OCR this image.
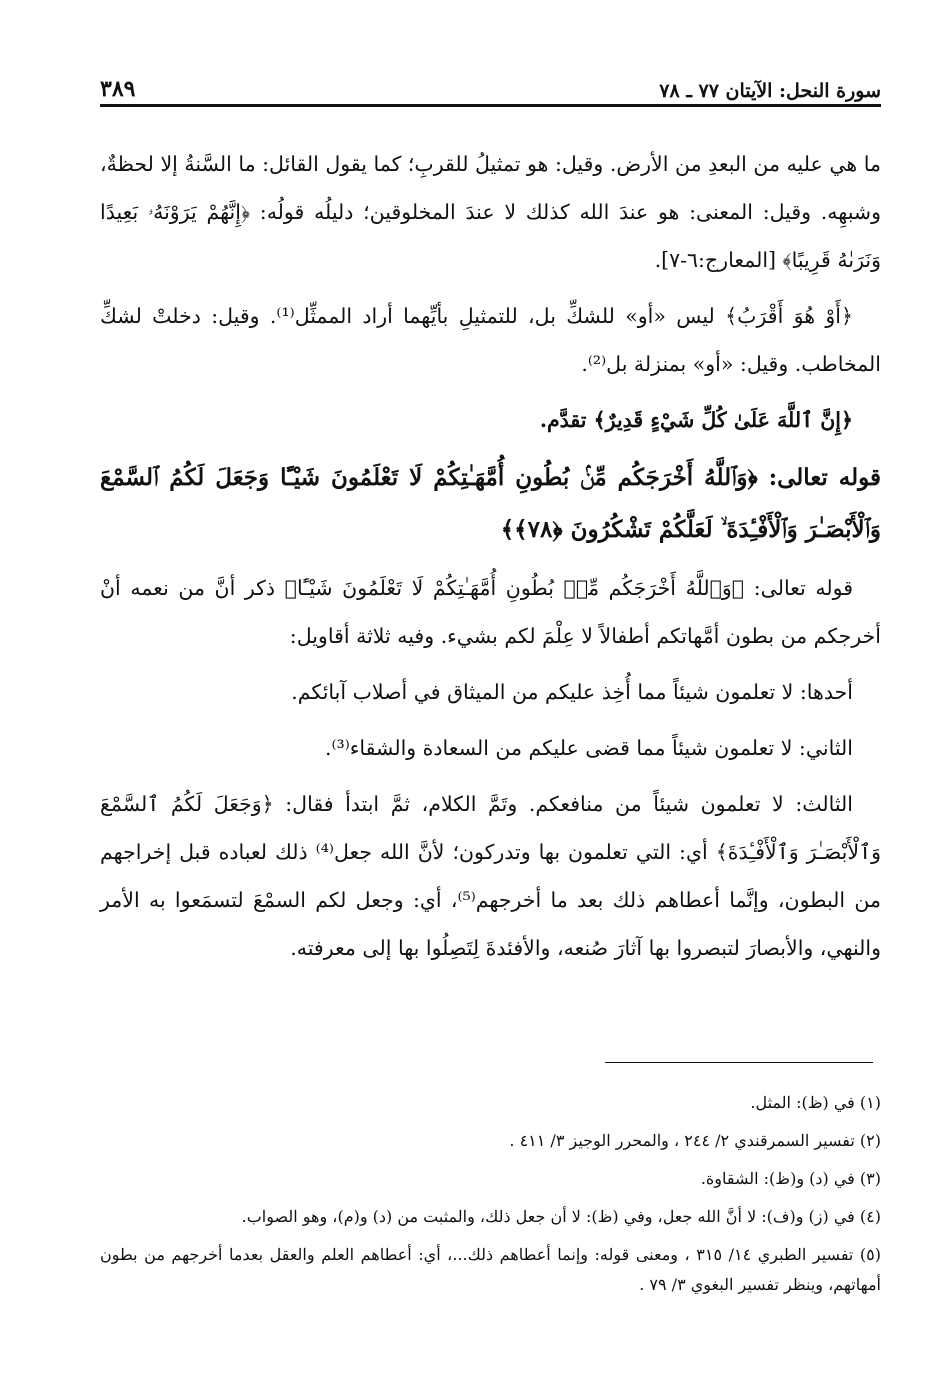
سورة النحل: الآيتان ٧٧ ـ ٧٨
٣٨٩

ما هي عليه من البعدِ من الأرض. وقيل: هو تمثيلُ للقربِ؛ كما يقول القائل: ما السَّنةُ إلا لحظةٌ، وشبهِه. وقيل: المعنى: هو عندَ الله كذلك لا عندَ المخلوقين؛ دليلُه قولُه: ﴿إِنَّهُمْ يَرَوْنَهُۥ بَعِيدًا وَنَرَىٰهُ قَرِيبًا﴾ [المعارج:٦-٧].

﴿أَوْ هُوَ أَقْرَبُ﴾ ليس «أو» للشكِّ بل، للتمثيلِ بأيِّهما أراد الممثِّل⁽¹⁾. وقيل: دخلتْ لشكِّ المخاطب. وقيل: «أو» بمنزلة بل⁽²⁾.

﴿إِنَّ ٱللَّهَ عَلَىٰ كُلِّ شَيْءٍ قَدِيرٌ﴾ تقدَّم.

قوله تعالى: ﴿وَٱللَّهُ أَخْرَجَكُم مِّنۢ بُطُونِ أُمَّهَـٰتِكُمْ لَا تَعْلَمُونَ شَيْـًٔا وَجَعَلَ لَكُمُ ٱلسَّمْعَ وَٱلْأَبْصَـٰرَ وَٱلْأَفْـِٔدَةَ ۙ لَعَلَّكُمْ تَشْكُرُونَ ﴿٧٨﴾﴾

قوله تعالى: ﴿وَٱللَّهُ أَخْرَجَكُم مِّنۢ بُطُونِ أُمَّهَـٰتِكُمْ لَا تَعْلَمُونَ شَيْـًٔا﴾ ذكر أنَّ من نعمه أنْ أخرجكم من بطون أمَّهاتكم أطفالاً لا عِلْمَ لكم بشيء. وفيه ثلاثة أقاويل:

أحدها: لا تعلمون شيئاً مما أُخِذ عليكم من الميثاق في أصلاب آبائكم.

الثاني: لا تعلمون شيئاً مما قضى عليكم من السعادة والشقاء⁽³⁾.

الثالث: لا تعلمون شيئاً من منافعكم. وتَمَّ الكلام، ثمَّ ابتدأ فقال: ﴿وَجَعَلَ لَكُمُ ٱلسَّمْعَ وَٱلْأَبْصَـٰرَ وَٱلْأَفْـِٔدَةَ﴾ أي: التي تعلمون بها وتدركون؛ لأنَّ الله جعل⁽⁴⁾ ذلك لعباده قبل إخراجهم من البطون، وإنَّما أعطاهم ذلك بعد ما أخرجهم⁽⁵⁾، أي: وجعل لكم السمْعَ لتسمَعوا به الأمر والنهي، والأبصارَ لتبصروا بها آثارَ صُنعه، والأفئدةَ لِتَصِلُوا بها إلى معرفته.

(١) في (ظ): المثل.

(٢) تفسير السمرقندي ٢/ ٢٤٤ ، والمحرر الوجيز ٣/ ٤١١ .

(٣) في (د) و(ظ): الشقاوة.

(٤) في (ز) و(ف): لا أنَّ الله جعل، وفي (ظ): لا أن جعل ذلك، والمثبت من (د) و(م)، وهو الصواب.

(٥) تفسير الطبري ١٤/ ٣١٥ ، ومعنى قوله: وإنما أعطاهم ذلك...، أي: أعطاهم العلم والعقل بعدما أخرجهم من بطون أمهاتهم، وينظر تفسير البغوي ٣/ ٧٩ .
